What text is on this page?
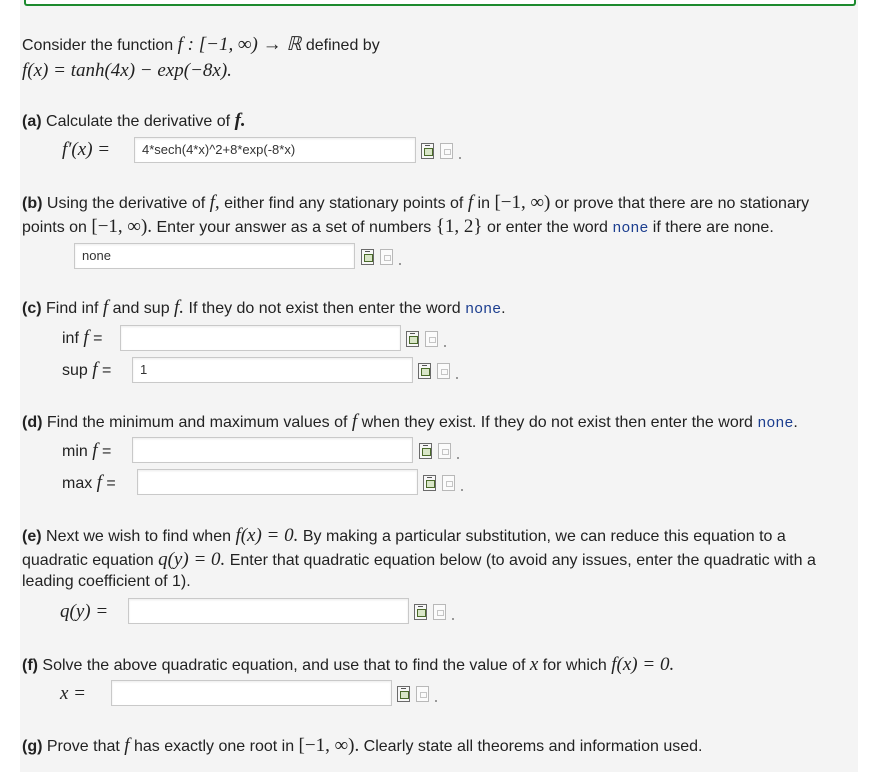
Consider the function f : [−1, ∞) → ℝ defined by
f(x) = tanh(4x) − exp(−8x).
(a) Calculate the derivative of f.
f′(x) =	4*sech(4*x)^2+8*exp(-8*x)
(b) Using the derivative of f, either find any stationary points of f in [−1, ∞) or prove that there are no stationary
points on [−1, ∞). Enter your answer as a set of numbers {1, 2} or enter the word none if there are none.
none
(c) Find inf f and sup f. If they do not exist then enter the word none.
inf f =
sup f =	1
(d) Find the minimum and maximum values of f when they exist. If they do not exist then enter the word none.
min f =
max f =
(e) Next we wish to find when f(x) = 0. By making a particular substitution, we can reduce this equation to a
quadratic equation q(y) = 0. Enter that quadratic equation below (to avoid any issues, enter the quadratic with a
leading coefficient of 1).
q(y) =
(f) Solve the above quadratic equation, and use that to find the value of x for which f(x) = 0.
x =
(g) Prove that f has exactly one root in [−1, ∞). Clearly state all theorems and information used.
